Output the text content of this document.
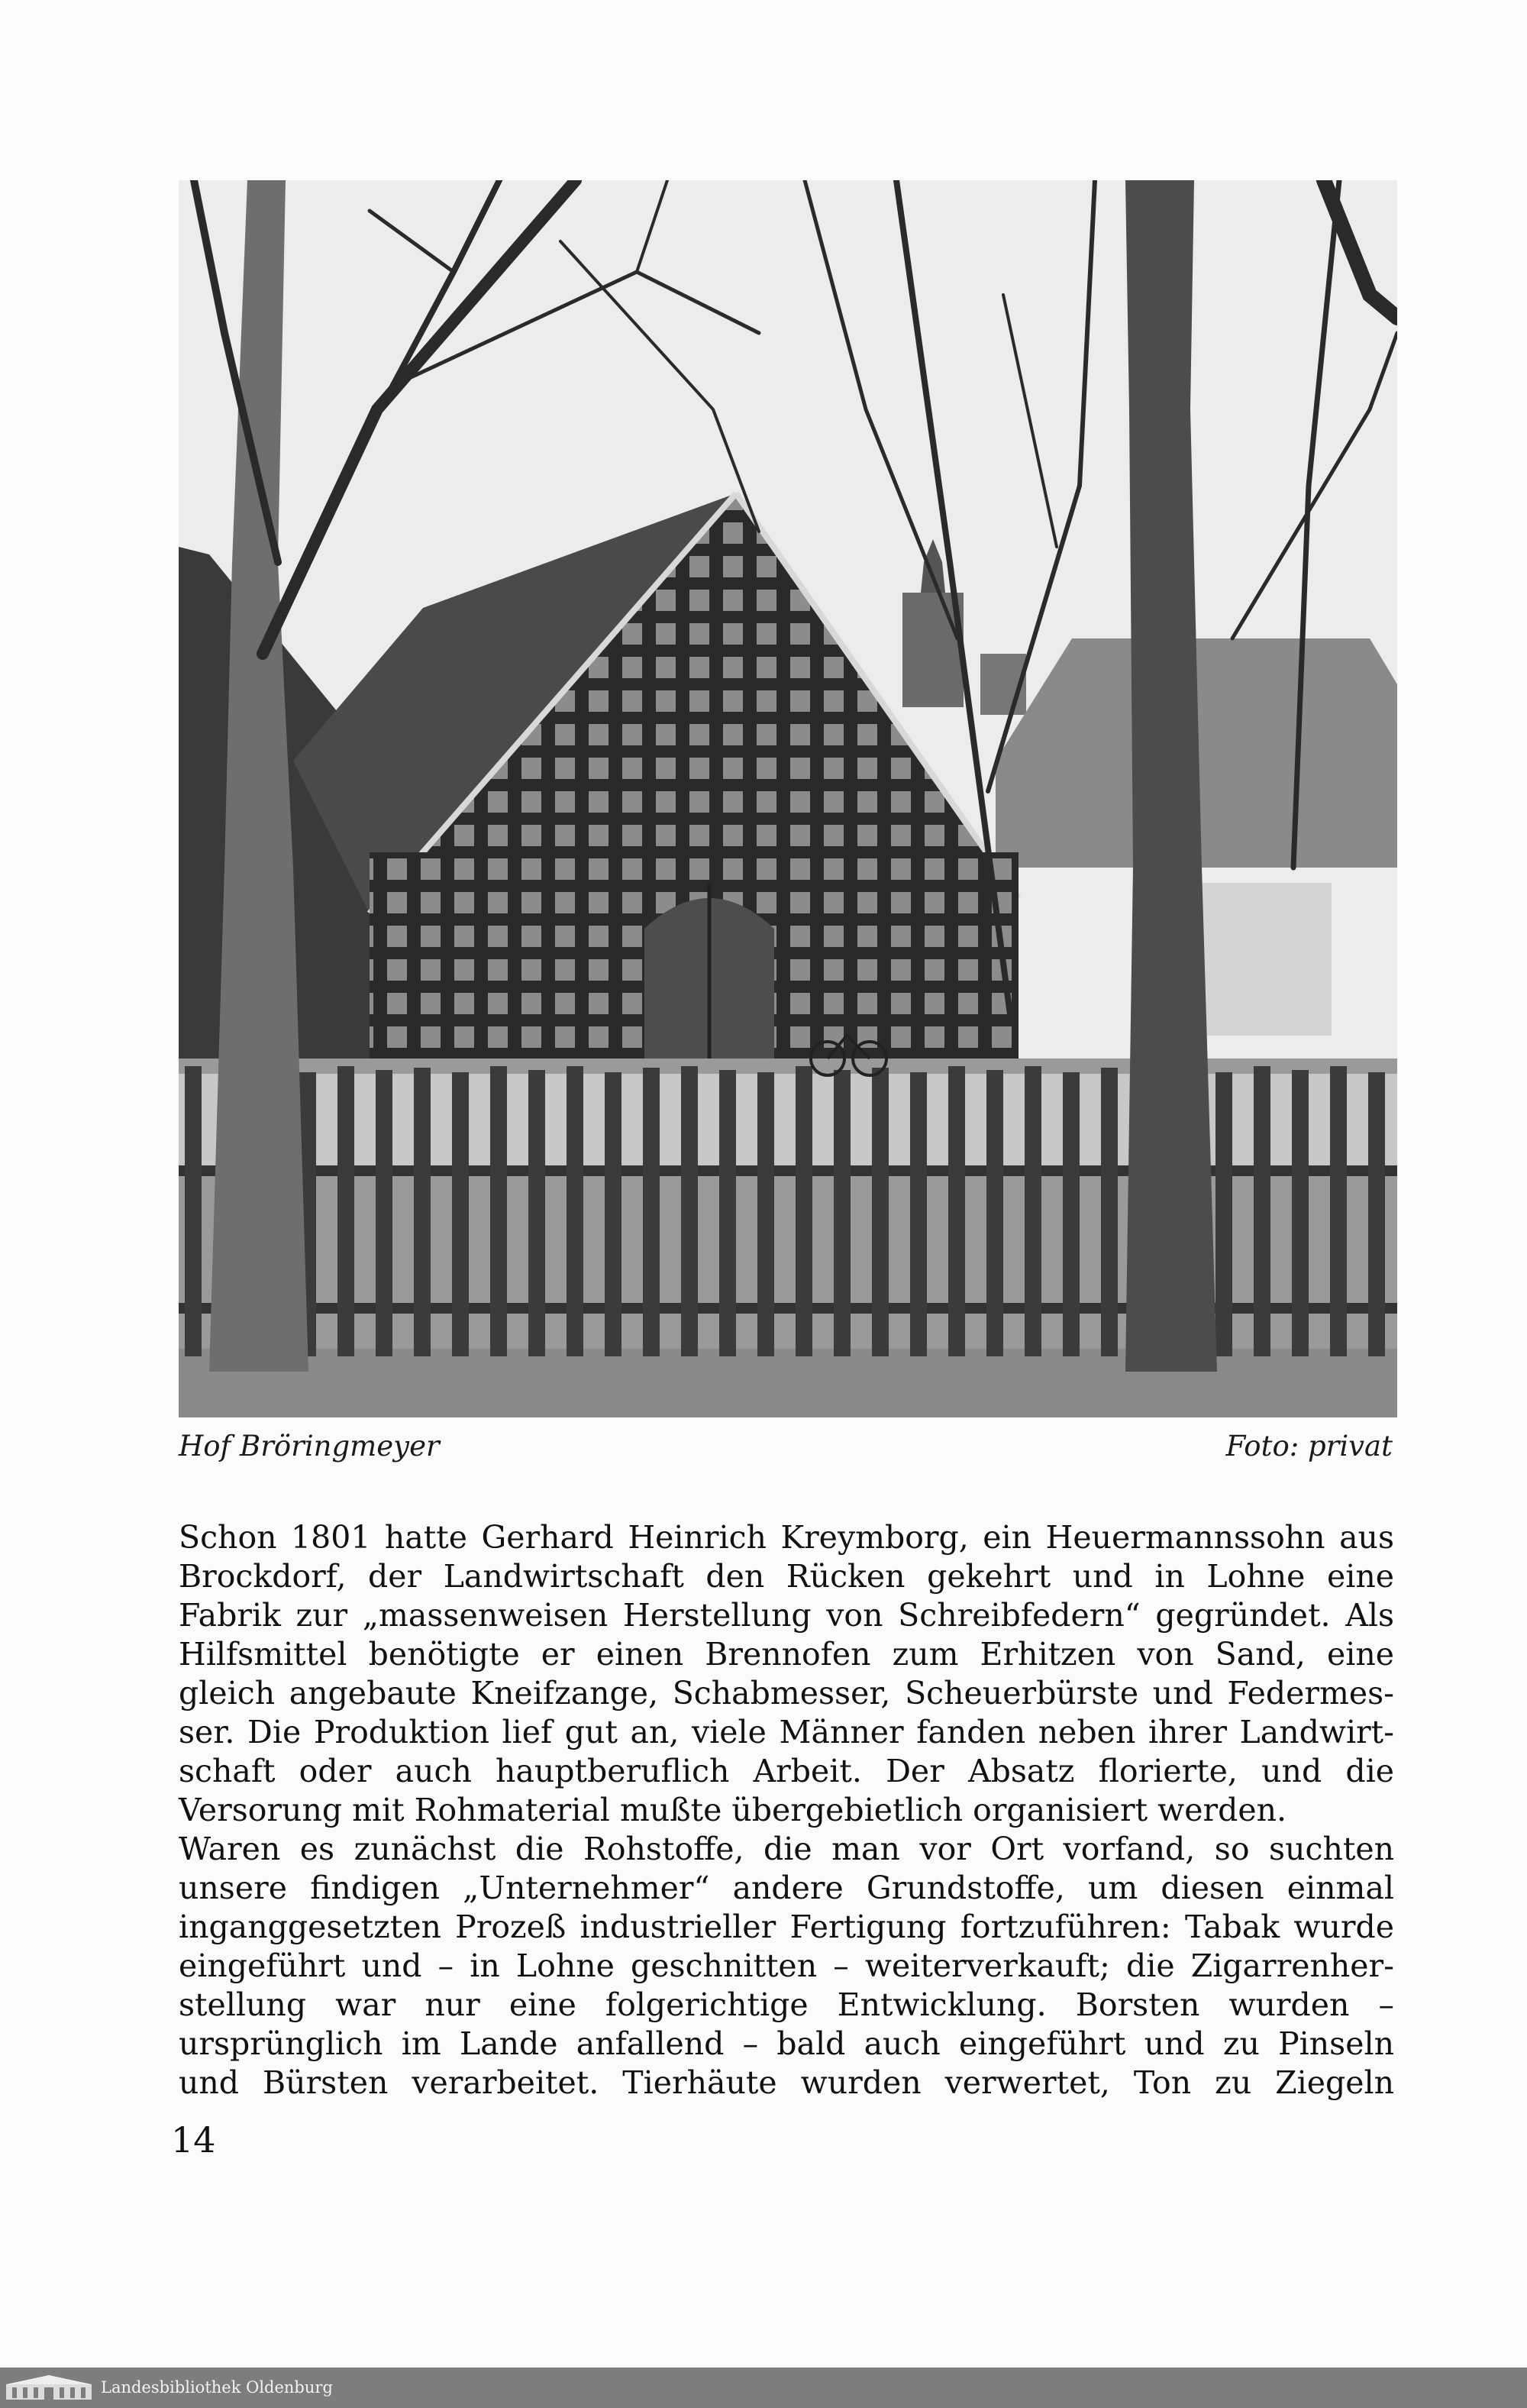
Hof Bröringmeyer	Foto: privat
Schon 1801 hatte Gerhard Heinrich Kreymborg, ein Heuermannssohn aus
Brockdorf, der Landwirtschaft den Rücken gekehrt und in Lohne eine
Fabrik zur „massenweisen Herstellung von Schreibfedern“ gegründet. Als
Hilfsmittel benötigte er einen Brennofen zum Erhitzen von Sand, eine
gleich angebaute Kneifzange, Schabmesser, Scheuerbürste und Federmes-
ser. Die Produktion lief gut an, viele Männer fanden neben ihrer Landwirt-
schaft oder auch hauptberuflich Arbeit. Der Absatz florierte, und die
Versorung mit Rohmaterial mußte übergebietlich organisiert werden.
Waren es zunächst die Rohstoffe, die man vor Ort vorfand, so suchten
unsere findigen „Unternehmer“ andere Grundstoffe, um diesen einmal
inganggesetzten Prozeß industrieller Fertigung fortzuführen: Tabak wurde
eingeführt und – in Lohne geschnitten – weiterverkauft; die Zigarrenher-
stellung war nur eine folgerichtige Entwicklung. Borsten wurden –
ursprünglich im Lande anfallend – bald auch eingeführt und zu Pinseln
und Bürsten verarbeitet. Tierhäute wurden verwertet, Ton zu Ziegeln
14
Landesbibliothek Oldenburg
